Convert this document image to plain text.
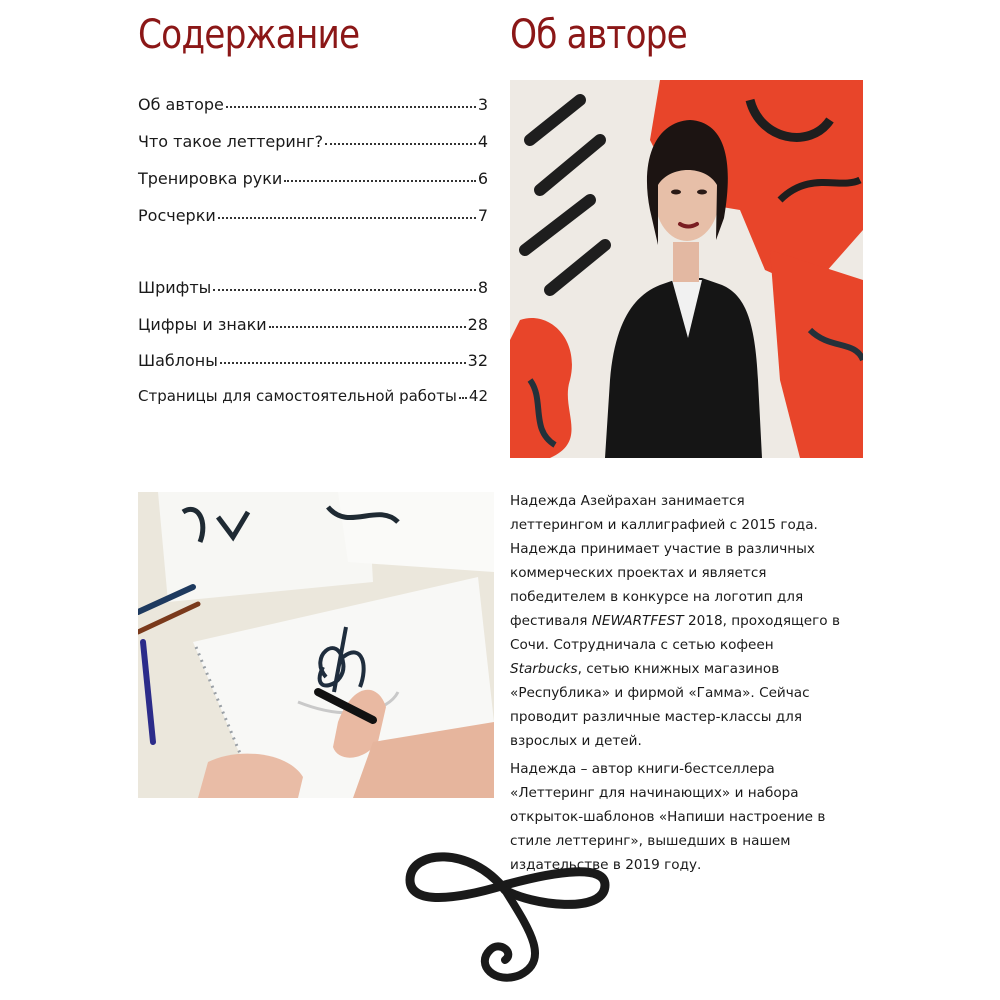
Содержание
Об авторе	3
Что такое леттеринг?	4
Тренировка руки	6
Росчерки	7
Шрифты	8
Цифры и знаки	28
Шаблоны	32
Страницы для самостоятельной работы 42
Об авторе

Надежда Азейрахан занимается леттерингом и каллиграфией с 2015 года. Надежда принимает участие в различных коммерческих проектах и является победителем в конкурсе на логотип для фестиваля NEWARTFEST 2018, проходящего в Сочи. Сотрудничала с сетью кофеен Starbucks, сетью книжных магазинов «Республика» и фирмой «Гамма». Сейчас проводит различные мастер-классы для взрослых и детей.

Надежда – автор книги-бестселлера «Леттеринг для начинающих» и набора открыток-шаблонов «Напиши настроение в стиле леттеринг», вышедших в нашем издательстве в 2019 году.
